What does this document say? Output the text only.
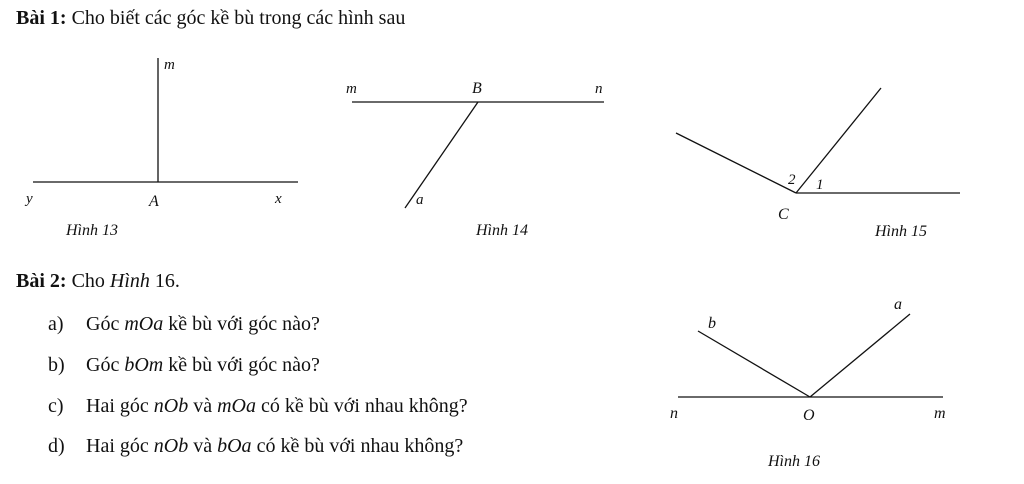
Bài 1: Cho biết các góc kề bù trong các hình sau
m
y	A	x
Hình 13
m	B	n
a
Hình 14
2 1
C
Hình 15
a
b
n	O	m
Hình 16
Bài 2: Cho Hình 16.
a) Góc mOa kề bù với góc nào?
b) Góc bOm kề bù với góc nào?
c) Hai góc nOb và mOa có kề bù với nhau không?
d) Hai góc nOb và bOa có kề bù với nhau không?
